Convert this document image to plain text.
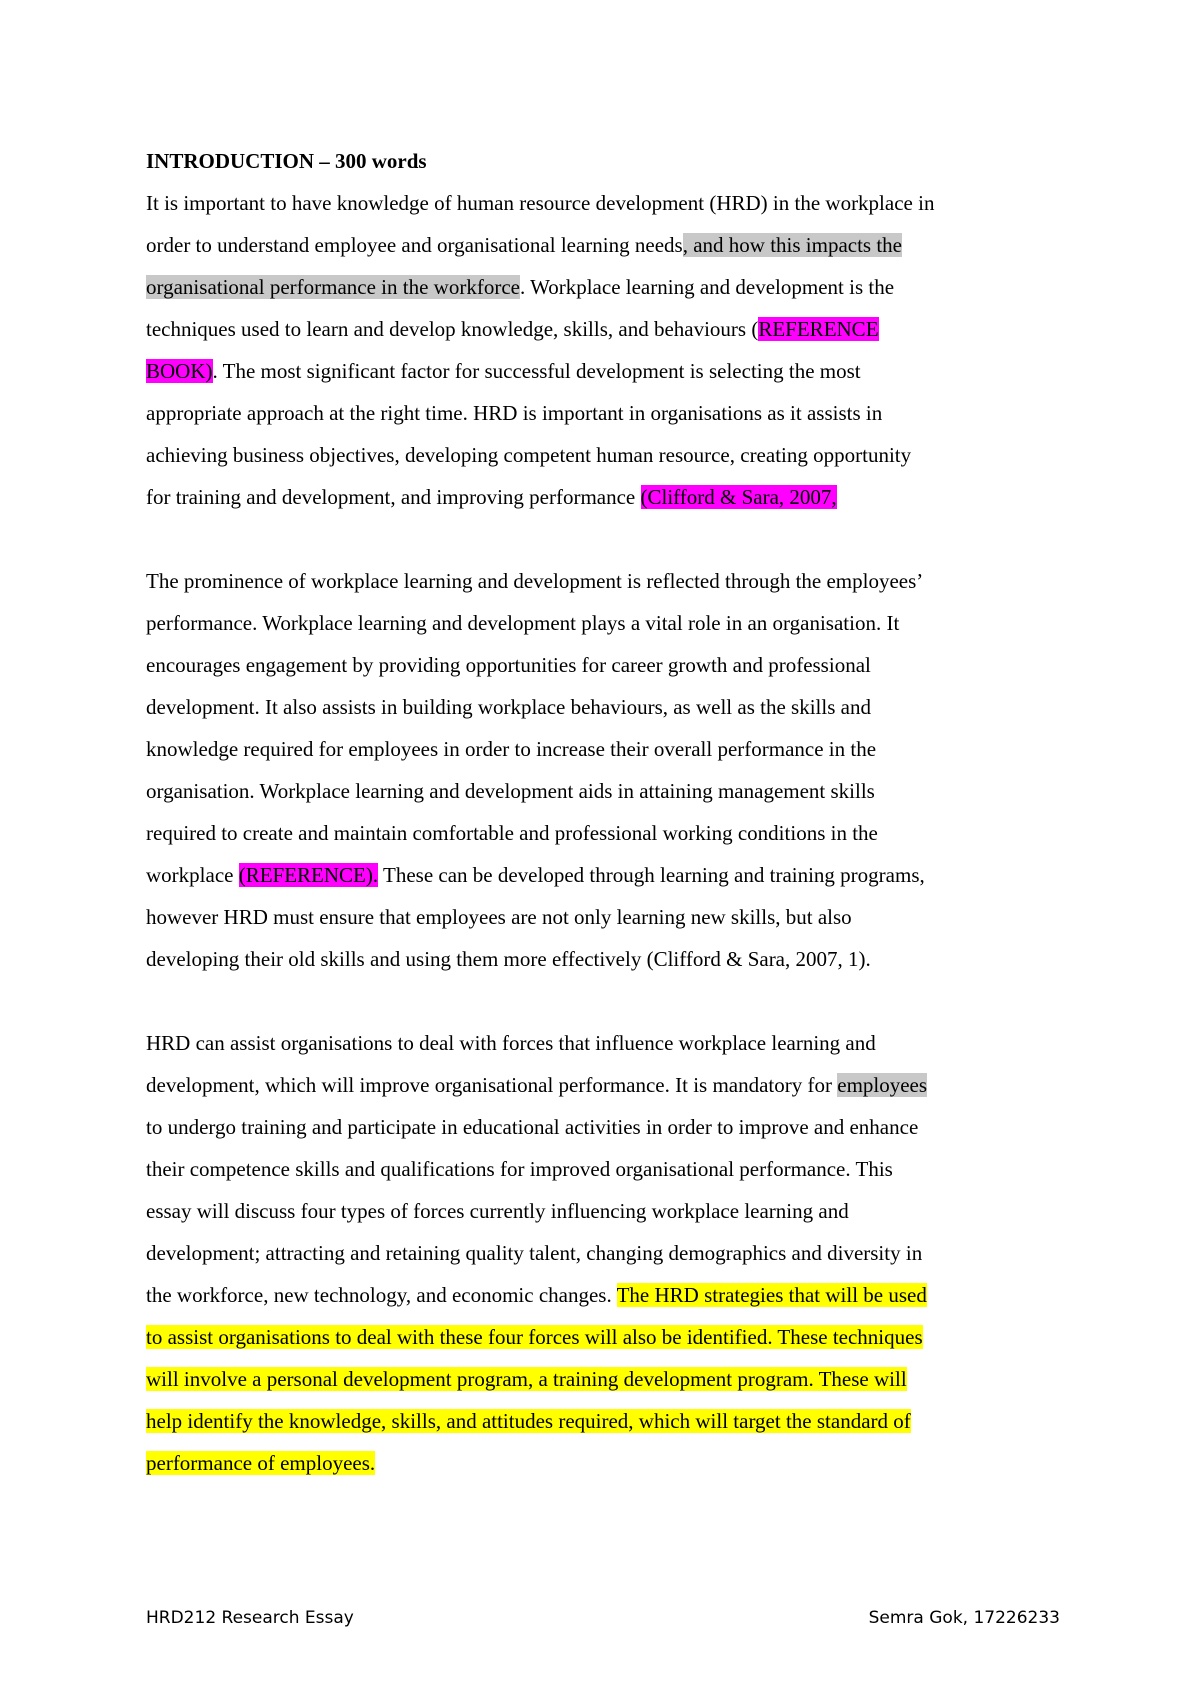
INTRODUCTION – 300 words
It is important to have knowledge of human resource development (HRD) in the workplace in
order to understand employee and organisational learning needs, and how this impacts the
organisational performance in the workforce. Workplace learning and development is the
techniques used to learn and develop knowledge, skills, and behaviours (REFERENCE
BOOK). The most significant factor for successful development is selecting the most
appropriate approach at the right time. HRD is important in organisations as it assists in
achieving business objectives, developing competent human resource, creating opportunity
for training and development, and improving performance (Clifford & Sara, 2007,
The prominence of workplace learning and development is reflected through the employees’
performance. Workplace learning and development plays a vital role in an organisation. It
encourages engagement by providing opportunities for career growth and professional
development. It also assists in building workplace behaviours, as well as the skills and
knowledge required for employees in order to increase their overall performance in the
organisation. Workplace learning and development aids in attaining management skills
required to create and maintain comfortable and professional working conditions in the
workplace (REFERENCE). These can be developed through learning and training programs,
however HRD must ensure that employees are not only learning new skills, but also
developing their old skills and using them more effectively (Clifford & Sara, 2007, 1).
HRD can assist organisations to deal with forces that influence workplace learning and
development, which will improve organisational performance. It is mandatory for employees
to undergo training and participate in educational activities in order to improve and enhance
their competence skills and qualifications for improved organisational performance. This
essay will discuss four types of forces currently influencing workplace learning and
development; attracting and retaining quality talent, changing demographics and diversity in
the workforce, new technology, and economic changes. The HRD strategies that will be used
to assist organisations to deal with these four forces will also be identified. These techniques
will involve a personal development program, a training development program. These will
help identify the knowledge, skills, and attitudes required, which will target the standard of
performance of employees.
HRD212 Research Essay	Semra Gok, 17226233
